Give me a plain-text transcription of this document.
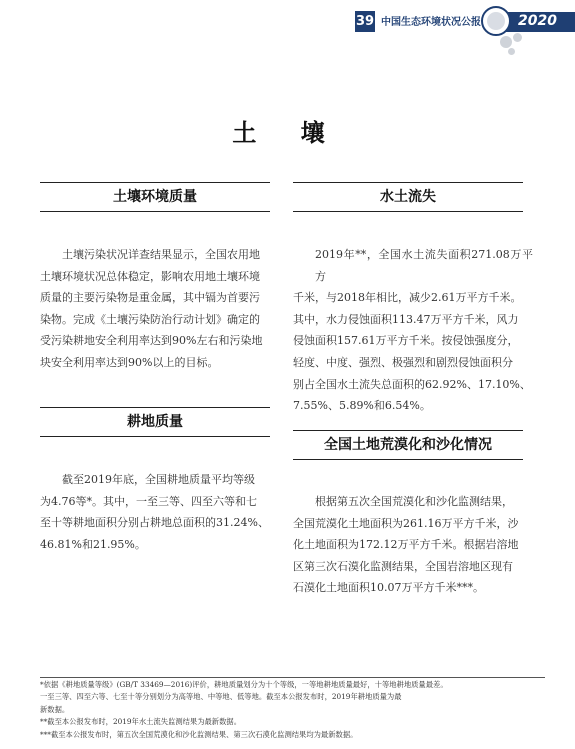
39 中国生态环境状况公报	2020
土 壤
土壤环境质量
土壤污染状况详查结果显示，全国农用地
土壤环境状况总体稳定，影响农用地土壤环境
质量的主要污染物是重金属，其中镉为首要污
染物。完成《土壤污染防治行动计划》确定的
受污染耕地安全利用率达到90%左右和污染地
块安全利用率达到90%以上的目标。
耕地质量
截至2019年底，全国耕地质量平均等级
为4.76等*。其中，一至三等、四至六等和七
至十等耕地面积分别占耕地总面积的31.24%、
46.81%和21.95%。
水土流失
2019年**，全国水土流失面积271.08万平方
千米，与2018年相比，减少2.61万平方千米。
其中，水力侵蚀面积113.47万平方千米，风力
侵蚀面积157.61万平方千米。按侵蚀强度分，
轻度、中度、强烈、极强烈和剧烈侵蚀面积分
别占全国水土流失总面积的62.92%、17.10%、
7.55%、5.89%和6.54%。
全国土地荒漠化和沙化情况
根据第五次全国荒漠化和沙化监测结果，
全国荒漠化土地面积为261.16万平方千米，沙
化土地面积为172.12万平方千米。根据岩溶地
区第三次石漠化监测结果，全国岩溶地区现有
石漠化土地面积10.07万平方千米***。
*依据《耕地质量等级》(GB/T 33469—2016)评价，耕地质量划分为十个等级，一等地耕地质量最好，十等地耕地质量最差。
一至三等、四至六等、七至十等分别划分为高等地、中等地、低等地。截至本公报发布时，2019年耕地质量为最
新数据。
**截至本公报发布时，2019年水土流失监测结果为最新数据。
***截至本公报发布时，第五次全国荒漠化和沙化监测结果、第三次石漠化监测结果均为最新数据。
